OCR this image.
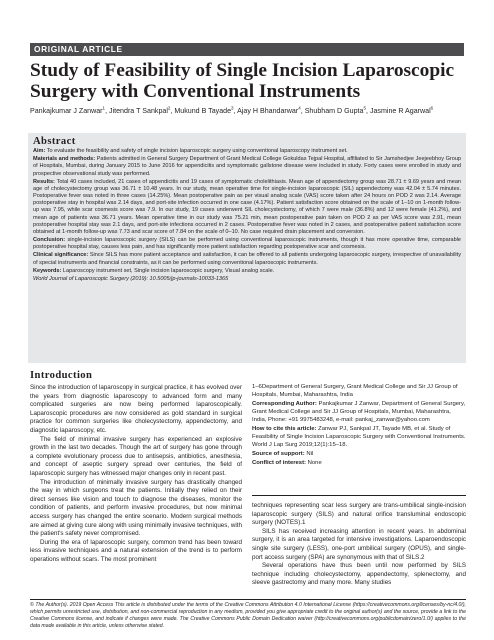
ORIGINAL ARTICLE
Study of Feasibility of Single Incision Laparoscopic Surgery with Conventional Instruments
Pankajkumar J Zanwar$^1$, Jitendra T Sankpal$^2$, Mukund B Tayade$^3$, Ajay H Bhandarwar$^4$, Shubham D Gupta$^5$, Jasmine R Agarwal$^6$
Abstract

Aim: To evaluate the feasibility and safety of single incision laparoscopic surgery using conventional laparoscopy instrument set.

Materials and methods: Patients admitted in General Surgery Department of Grant Medical College Gokuldas Tejpal Hospital, affiliated to Sir Jamshedjee Jeejeebhoy Group of Hospitals, Mumbai, during January 2015 to June 2016 for appendicitis and symptomatic gallstone disease were included in study. Forty cases were enrolled in study and prospective observational study was performed.

Results: Total 40 cases included, 21 cases of appendicitis and 19 cases of symptomatic cholelithiasis. Mean age of appendectomy group was 28.71 ± 9.69 years and mean age of cholecystectomy group was 36.71 ± 10.48 years. In our study, mean operative time for single-incision laparoscopic (SIL) appendectomy was 42.04 ± 5.74 minutes. Postoperative fever was noted in three cases (14.25%). Mean postoperative pain as per visual analog scale (VAS) score taken after 24 hours on POD 2 was 2.14. Average postoperative stay in hospital was 2.14 days, and port-site infection occurred in one case (4.17%). Patient satisfaction score obtained on the scale of 1–10 on 1-month follow-up was 7.95, while scar cosmesis score was 7.9. In our study, 19 cases underwent SIL cholecystectomy, of which 7 were male (36.8%) and 12 were female (41.2%), and mean age of patients was 36.71 years. Mean operative time in our study was 75.21 min, mean postoperative pain taken on POD 2 as per VAS score was 2.91, mean postoperative hospital stay was 2.1 days, and port-site infections occurred in 2 cases. Postoperative fever was noted in 2 cases, and postoperative patient satisfaction score obtained at 1-month follow-up was 7.73 and scar score of 7.84 on the scale of 0–10. No case required drain placement and conversion.

Conclusion: single-incision laparoscopic surgery (SILS) can be performed using conventional laparoscopic instruments, though it has more operative time, comparable postoperative hospital stay, causes less pain, and has significantly more patient satisfaction regarding postoperative scar and cosmesis.

Clinical significance: Since SILS has more patient acceptance and satisfaction, it can be offered to all patients undergoing laparoscopic surgery, irrespective of unavailability of special instruments and financial constraints, as it can be performed using conventional laparoscopic instruments.

Keywords: Laparoscopy instrument set, Single incision laparoscopic surgery, Visual analog scale.

World Journal of Laparoscopic Surgery (2019): 10.5005/jp-journals-10033-1365

Introduction

Since the introduction of laparoscopy in surgical practice, it has evolved over the years from diagnostic laparoscopy to advanced form and many complicated surgeries are now being performed laparoscopically. Laparoscopic procedures are now considered as gold standard in surgical practice for common surgeries like cholecystectomy, appendectomy, and diagnostic laparoscopy, etc.

The field of minimal invasive surgery has experienced an explosive growth in the last two decades. Though the art of surgery has gone through a complete evolutionary process due to antisepsis, antibiotics, anesthesia, and concept of aseptic surgery spread over centuries, the field of laparoscopic surgery has witnessed major changes only in recent past.

The introduction of minimally invasive surgery has drastically changed the way in which surgeons treat the patients. Initially they relied on their direct senses like vision and touch to diagnose the diseases, monitor the condition of patients, and perform invasive procedures, but now minimal access surgery has changed the entire scenario. Modern surgical methods are aimed at giving cure along with using minimally invasive techniques, with the patient's safety never compromised.

During the era of laparoscopic surgery, common trend has been toward less invasive techniques and a natural extension of the trend is to perform operations without scars. The most prominent

1–6Department of General Surgery, Grant Medical College and Sir JJ Group of Hospitals, Mumbai, Maharashtra, India

Corresponding Author: Pankajkumar J Zanwar, Department of General Surgery, Grant Medical College and Sir JJ Group of Hospitals, Mumbai, Maharashtra, India, Phone: +91 9975483248, e-mail: pankaj_zanwar@yahoo.com

How to cite this article: Zanwar PJ, Sankpal JT, Tayade MB, et al. Study of Feasibility of Single Incision Laparoscopic Surgery with Conventional Instruments. World J Lap Surg 2019;12(1):15–18.

Source of support: Nil

Conflict of interest: None

techniques representing scar less surgery are trans-umbilical single-incision laparoscopic surgery (SILS) and natural orifice transluminal endoscopic surgery (NOTES).1

SILS has received increasing attention in recent years. In abdominal surgery, it is an area targeted for intensive investigations. Laparoendoscopic single site surgery (LESS), one-port umbilical surgery (OPUS), and single-port access surgery (SPA) are synonymous with that of SILS.2

Several operations have thus been until now performed by SILS technique including cholecystectomy, appendectomy, splenectomy, and sleeve gastrectomy and many more. Many studies

© The Author(s). 2019 Open Access This article is distributed under the terms of the Creative Commons Attribution 4.0 International License (https://creativecommons.org/licenses/by-nc/4.0/), which permits unrestricted use, distribution, and non-commercial reproduction in any medium, provided you give appropriate credit to the original author(s) and the source, provide a link to the Creative Commons license, and indicate if changes were made. The Creative Commons Public Domain Dedication waiver (http://creativecommons.org/publicdomain/zero/1.0/) applies to the data made available in this article, unless otherwise stated.
